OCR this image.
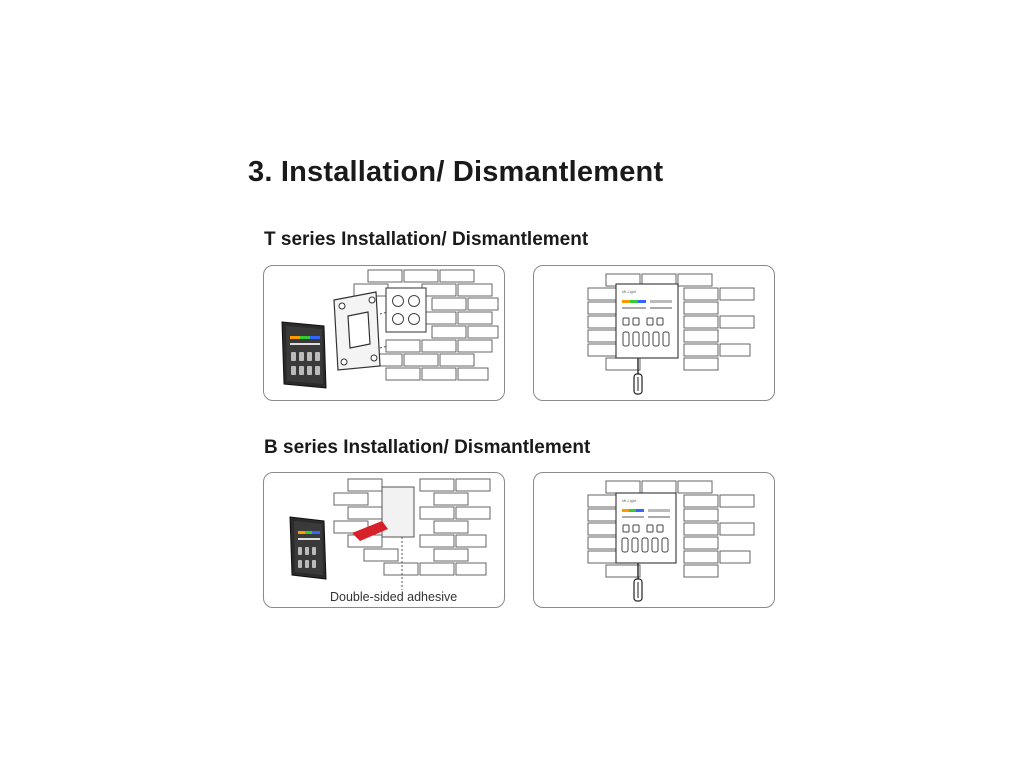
3. Installation/ Dismantlement
T series Installation/ Dismantlement
Mi-Light
B series Installation/ Dismantlement
Double-sided adhesive
Mi-Light
